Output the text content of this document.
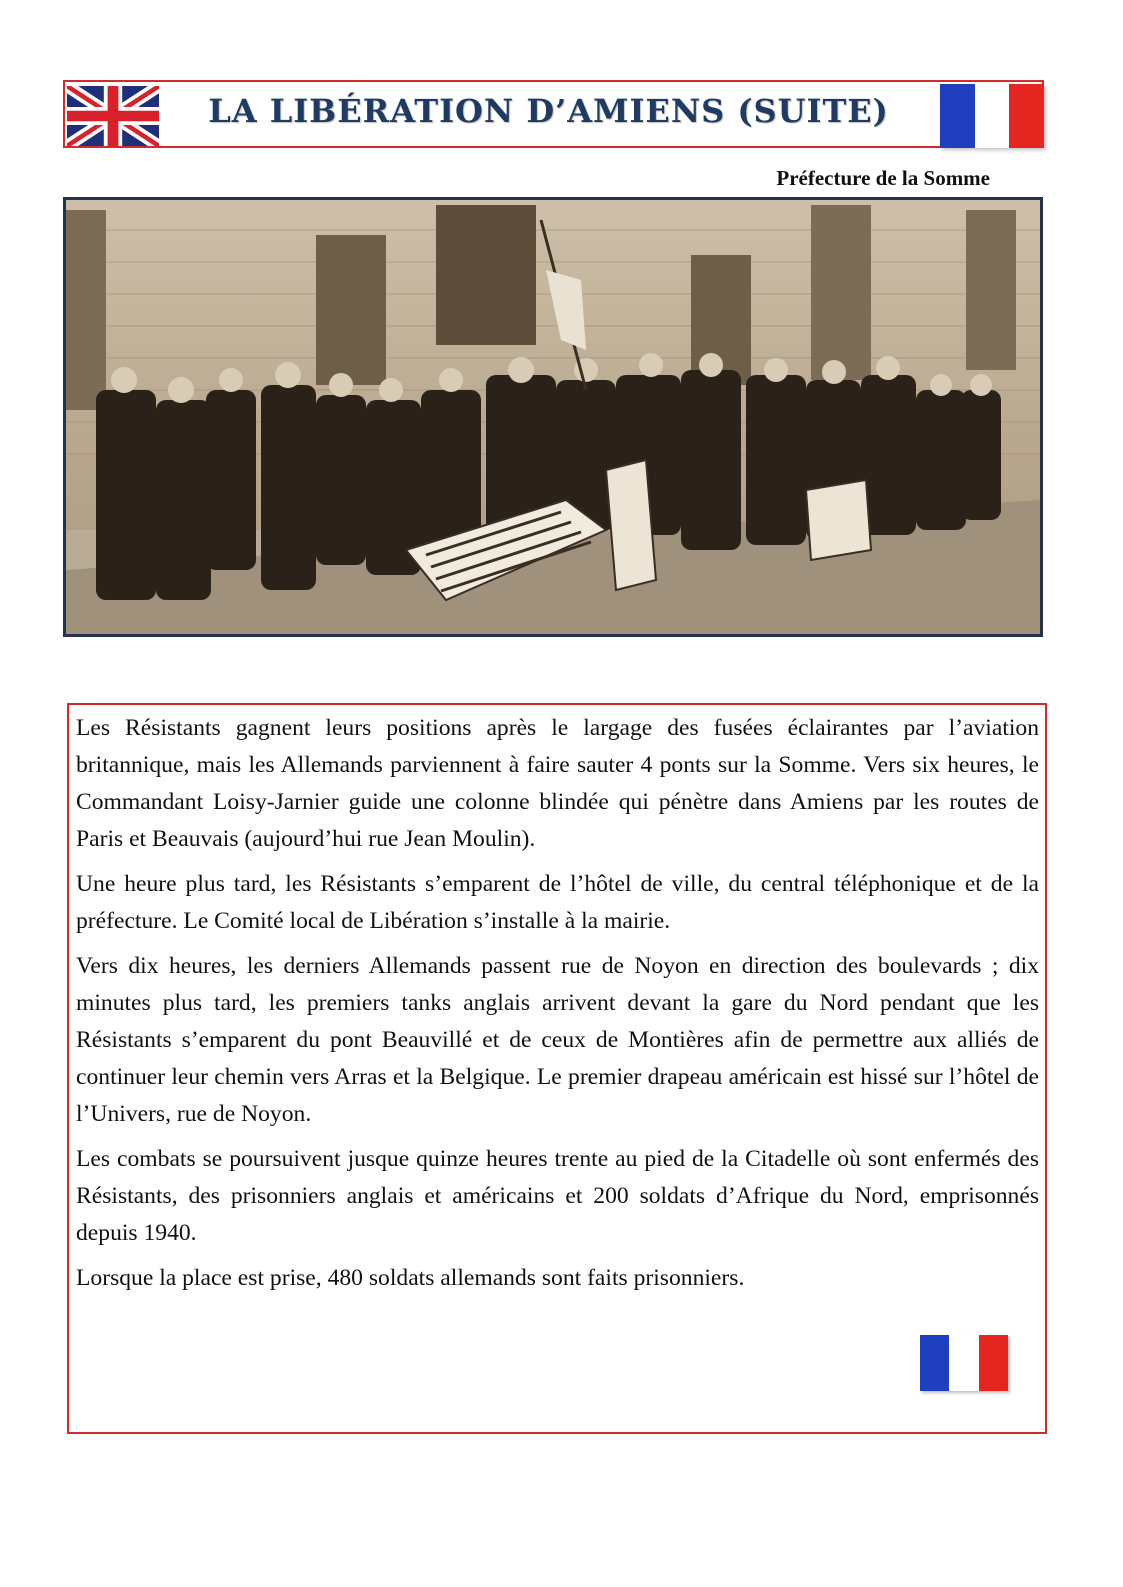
LA LIBÉRATION D’AMIENS (SUITE)
Préfecture de la Somme

Les Résistants gagnent leurs positions après le largage des fusées éclairantes par l’aviation britannique, mais les Allemands parviennent à faire sauter 4 ponts sur la Somme. Vers six heures, le Commandant Loisy-Jarnier guide une colonne blindée qui pénètre dans Amiens par les routes de Paris et Beauvais (aujourd’hui rue Jean Moulin).

Une heure plus tard, les Résistants s’emparent de l’hôtel de ville, du central téléphonique et de la préfecture. Le Comité local de Libération s’installe à la mairie.

Vers dix heures, les derniers Allemands passent rue de Noyon en direction des boulevards ; dix minutes plus tard, les premiers tanks anglais arrivent devant la gare du Nord pendant que les Résistants s’emparent du pont Beauvillé et de ceux de Montières afin de permettre aux alliés de continuer leur chemin vers Arras et la Belgique. Le premier drapeau américain est hissé sur l’hôtel de l’Univers, rue de Noyon.

Les combats se poursuivent jusque quinze heures trente au pied de la Citadelle où sont enfermés des Résistants, des prisonniers anglais et américains et 200 soldats d’Afrique du Nord, emprisonnés depuis 1940.

Lorsque la place est prise, 480 soldats allemands sont faits prisonniers.
